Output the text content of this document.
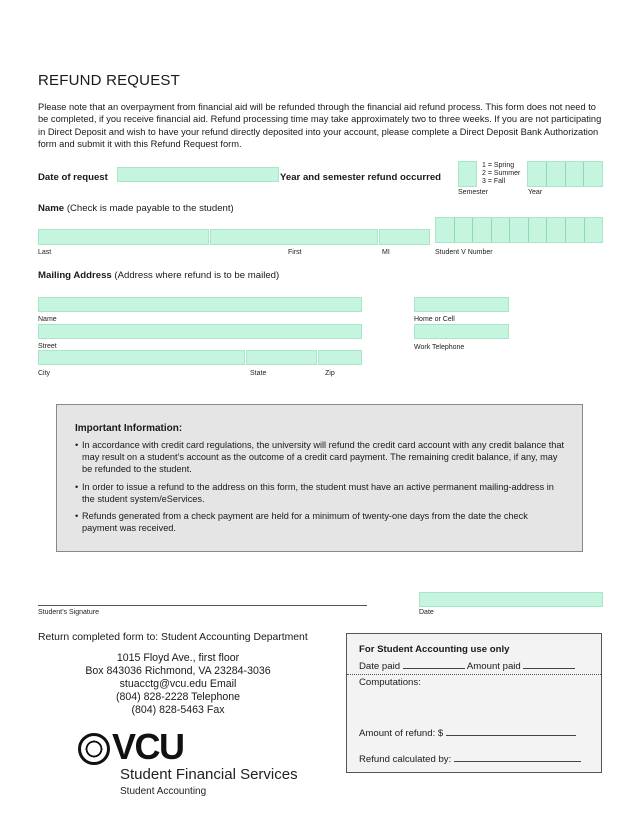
REFUND REQUEST
Please note that an overpayment from financial aid will be refunded through the financial aid refund process. This form does not need to be completed, if you receive financial aid. Refund processing time may take approximately two to three weeks. If you are not participating in Direct Deposit and wish to have your refund directly deposited into your account, please complete a Direct Deposit Bank Authorization form and submit it with this Refund Request form.
Date of request	Year and semester refund occurred
1 = Spring
2 = Summer
3 = Fall
Semester	Year
Name (Check is made payable to the student)
Last	First	MI	Student V Number
Mailing Address (Address where refund is to be mailed)
Name
Street
City	State	Zip
Home or Cell
Work Telephone
Important Information:
• In accordance with credit card regulations, the university will refund the credit card account with any credit balance that may result on a student’s account as the outcome of a credit card payment. The remaining credit balance, if any, may be refunded to the student.
• In order to issue a refund to the address on this form, the student must have an active permanent mailing-address in the student system/eServices.
• Refunds generated from a check payment are held for a minimum of twenty-one days from the date the check payment was received.
Student’s Signature	Date
Return completed form to: Student Accounting Department
1015 Floyd Ave., first floor
Box 843036 Richmond, VA 23284-3036
stuacctg@vcu.edu Email
(804) 828-2228 Telephone
(804) 828-5463 Fax
For Student Accounting use only
Date paid	Amount paid
Computations:
Amount of refund: $
Refund calculated by:
VCU
Student Financial Services
Student Accounting
